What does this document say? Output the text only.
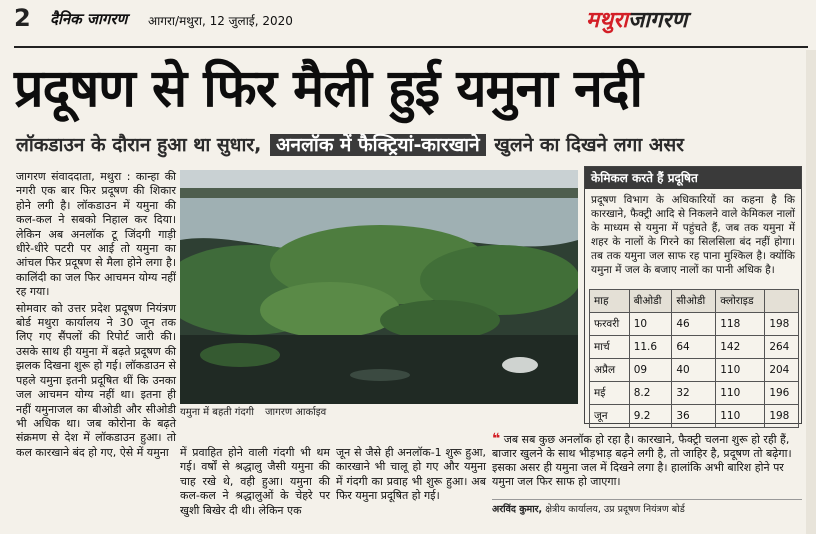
2 दैनिक जागरण आगरा/मथुरा, 12 जुलाई, 2020	मथुराजागरण
प्रदूषण से फिर मैली हुई यमुना नदी
लॉकडाउन के दौरान हुआ था सुधार, अनलॉक में फैक्ट्रियां-कारखाने खुलने का दिखने लगा असर

जागरण संवाददाता, मथुरा : कान्हा की नगरी एक बार फिर प्रदूषण की शिकार होने लगी है। लॉकडाउन में यमुना की कल-कल ने सबको निहाल कर दिया। लेकिन अब अनलॉक टू जिंदगी गाड़ी धीरे-धीरे पटरी पर आई तो यमुना का आंचल फिर प्रदूषण से मैला होने लगा है। कालिंदी का जल फिर आचमन योग्य नहीं रह गया।

सोमवार को उत्तर प्रदेश प्रदूषण नियंत्रण बोर्ड मथुरा कार्यालय ने 30 जून तक लिए गए सैंपलों की रिपोर्ट जारी की। उसके साथ ही यमुना में बढ़ते प्रदूषण की झलक दिखना शुरू हो गई। लॉकडाउन से पहले यमुना इतनी प्रदूषित थीं कि उनका जल आचमन योग्य नहीं था। इतना ही नहीं यमुनाजल का बीओडी और सीओडी भी अधिक था। जब कोरोना के बढ़ते संक्रमण से देश में लॉकडाउन हुआ। तो कल कारखाने बंद हो गए, ऐसे में यमुना

यमुना में बहती गंदगी जागरण आर्काइव
में प्रवाहित होने वाली गंदगी भी थम गई। वर्षों से श्रद्धालु जैसी यमुना की चाह रखे थे, वही हुआ। यमुना की कल-कल ने श्रद्धालुओं के चेहरे पर खुशी बिखेर दी थी। लेकिन एक
जून से जैसे ही अनलॉक-1 शुरू हुआ, कारखाने भी चालू हो गए और यमुना में गंदगी का प्रवाह भी शुरू हुआ। अब फिर यमुना प्रदूषित हो गई।
केमिकल करते हैं प्रदूषित
प्रदूषण विभाग के अधिकारियों का कहना है कि कारखाने, फैक्ट्री आदि से निकलने वाले केमिकल नालों के माध्यम से यमुना में पहुंचते हैं, जब तक यमुना में शहर के नालों के गिरने का सिलसिला बंद नहीं होगा। तब तक यमुना जल साफ रह पाना मुश्किल है। क्योंकि यमुना में जल के बजाए नालों का पानी अधिक है।
माह	बीओडी	सीओडी	क्लोराइड	
फरवरी	10	46	118	198
मार्च	11.6	64	142	264
अप्रैल	09	40	110	204
मई	8.2	32	110	196
जून	9.2	36	110	198
❝ जब सब कुछ अनलॉक हो रहा है। कारखाने, फैक्ट्री चलना शुरू हो रही हैं, बाजार खुलने के साथ भीड़भाड़ बढ़ने लगी है, तो जाहिर है, प्रदूषण तो बढ़ेगा। इसका असर ही यमुना जल में दिखने लगा है। हालांकि अभी बारिश होने पर यमुना जल फिर साफ हो जाएगा।
अरविंद कुमार, क्षेत्रीय कार्यालय, उप्र प्रदूषण नियंत्रण बोर्ड
